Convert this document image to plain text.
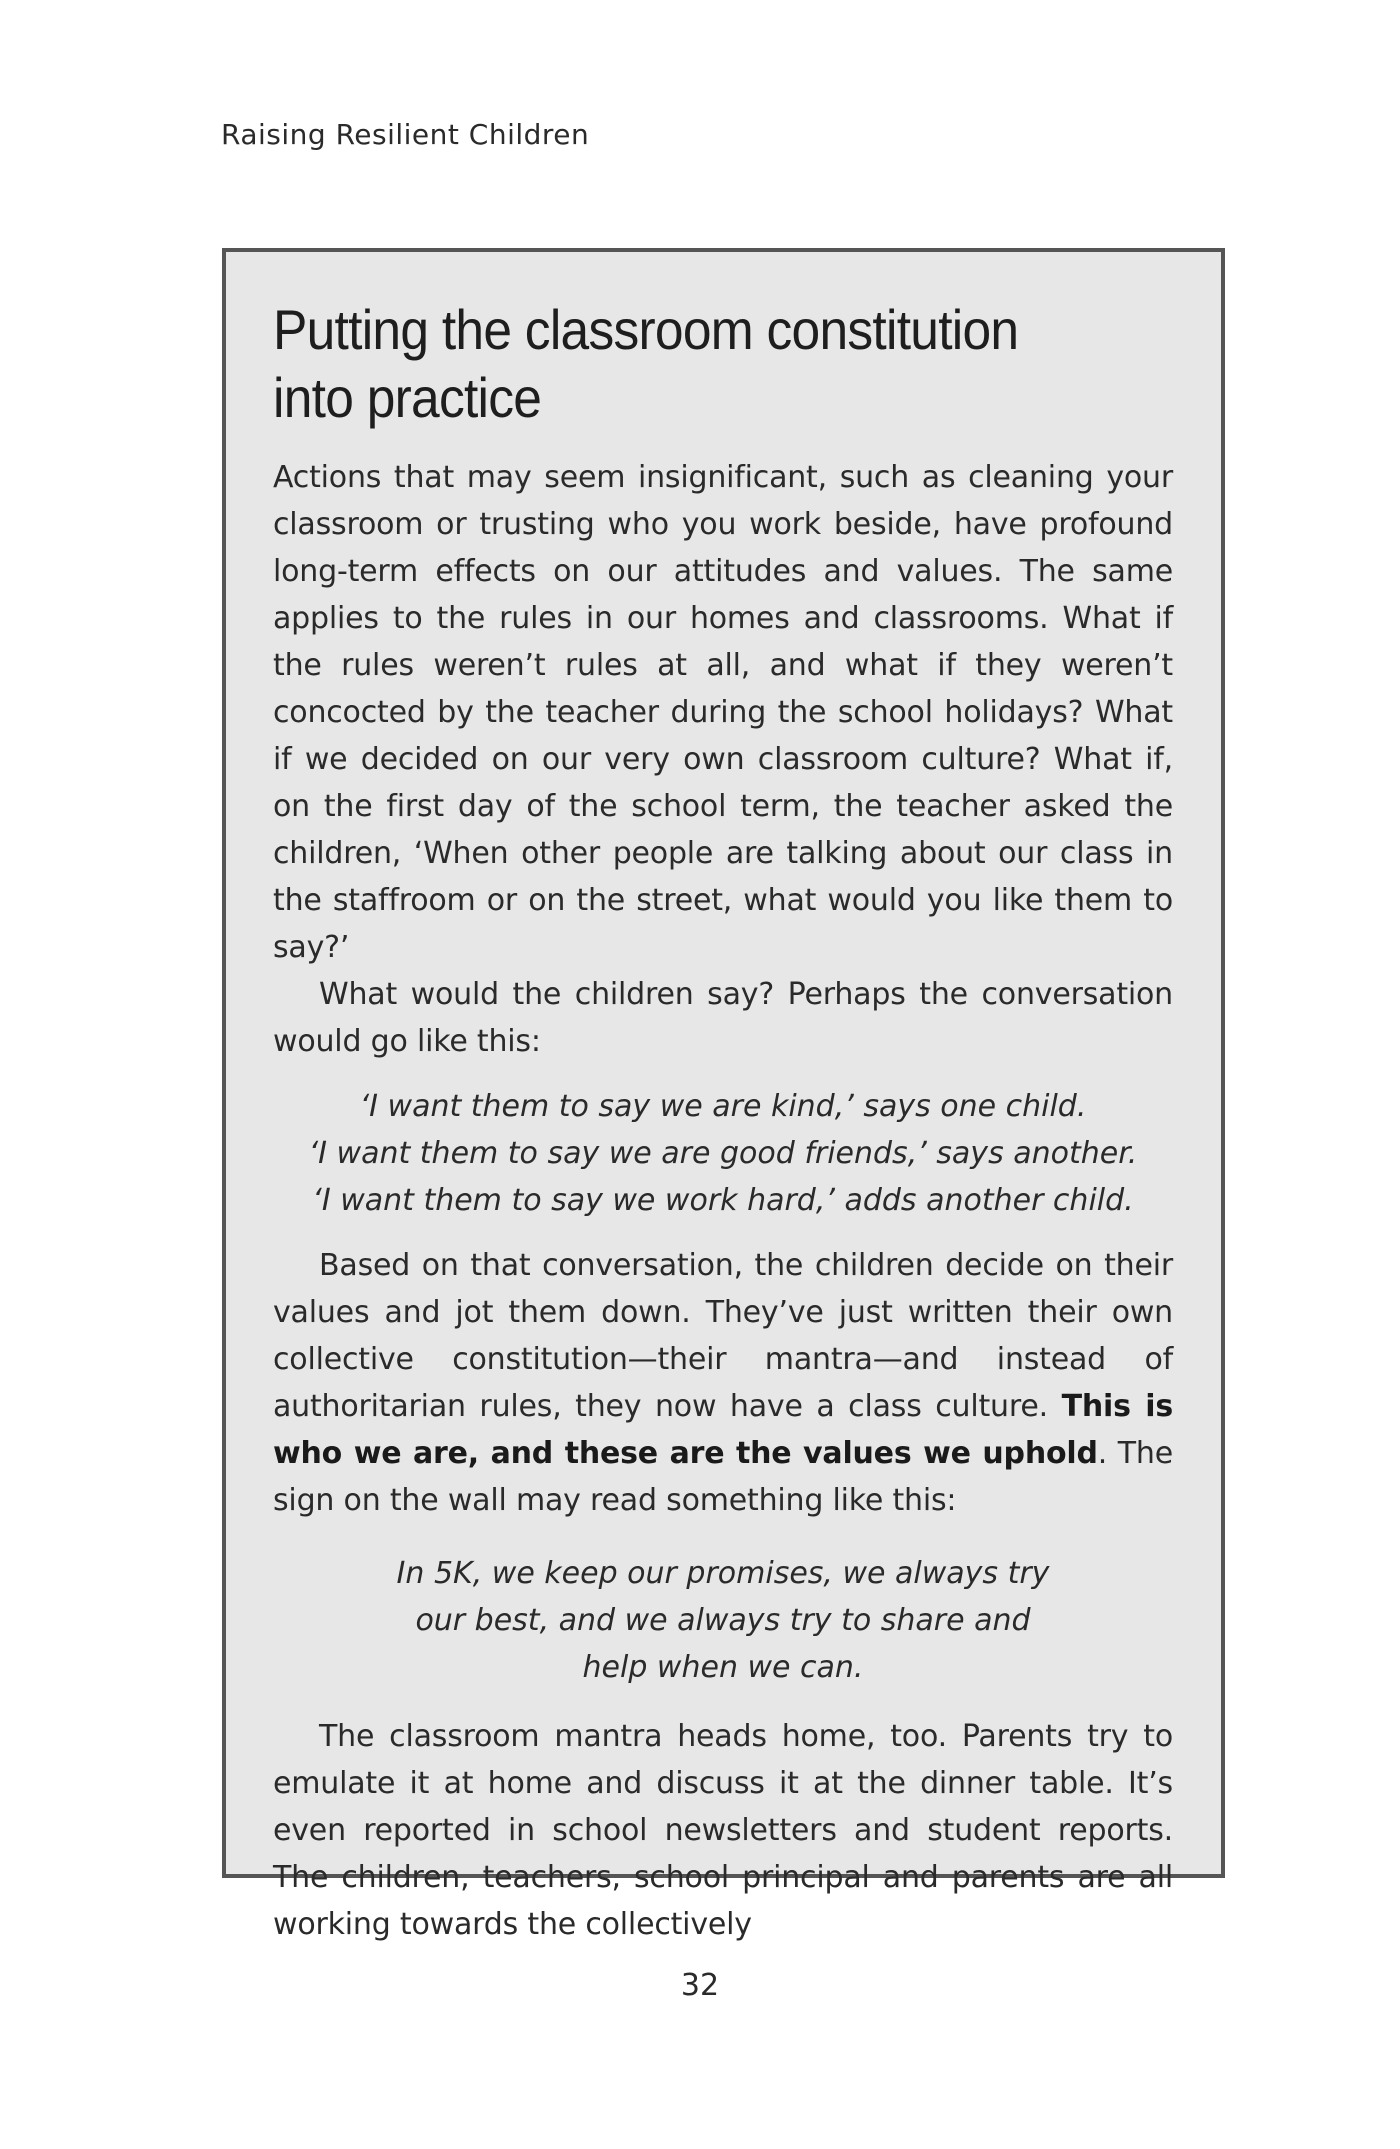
Raising Resilient Children
Putting the classroom constitution
into practice

Actions that may seem insignificant, such as cleaning your classroom or trusting who you work beside, have profound long-term effects on our attitudes and values. The same applies to the rules in our homes and classrooms. What if the rules weren’t rules at all, and what if they weren’t concocted by the teacher during the school holidays? What if we decided on our very own classroom culture? What if, on the first day of the school term, the teacher asked the children, ‘When other people are talking about our class in the staffroom or on the street, what would you like them to say?’

What would the children say? Perhaps the conversation would go like this:

‘I want them to say we are kind,’ says one child.
‘I want them to say we are good friends,’ says another.
‘I want them to say we work hard,’ adds another child.

Based on that conversation, the children decide on their values and jot them down. They’ve just written their own collective constitution—their mantra—and instead of authoritarian rules, they now have a class culture. This is who we are, and these are the values we uphold. The sign on the wall may read something like this:

In 5K, we keep our promises, we always try
our best, and we always try to share and
help when we can.

The classroom mantra heads home, too. Parents try to emulate it at home and discuss it at the dinner table. It’s even reported in school newsletters and student reports. The children, teachers, school principal and parents are all working towards the collectively

32
